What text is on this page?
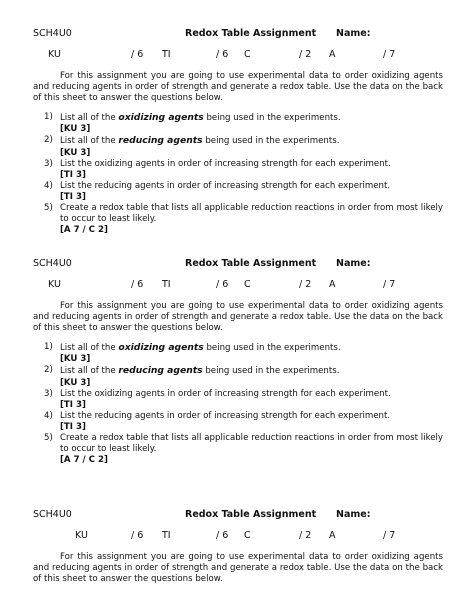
SCH4U0	Redox Table Assignment Name:
KU	/ 6 TI	/ 6 C	/ 2 A	/ 7
For this assignment you are going to use experimental data to order oxidizing agents and reducing agents in order of strength and generate a redox table. Use the data on the back of this sheet to answer the questions below.
1) List all of the oxidizing agents being used in the experiments.
[KU 3]
2) List all of the reducing agents being used in the experiments.
[KU 3]
3) List the oxidizing agents in order of increasing strength for each experiment.
[TI 3]
4) List the reducing agents in order of increasing strength for each experiment.
[TI 3]
5) Create a redox table that lists all applicable reduction reactions in order from most likely to occur to least likely.
[A 7 / C 2]
SCH4U0	Redox Table Assignment Name:
KU	/ 6 TI	/ 6 C	/ 2 A	/ 7
For this assignment you are going to use experimental data to order oxidizing agents and reducing agents in order of strength and generate a redox table. Use the data on the back of this sheet to answer the questions below.
1) List all of the oxidizing agents being used in the experiments.
[KU 3]
2) List all of the reducing agents being used in the experiments.
[KU 3]
3) List the oxidizing agents in order of increasing strength for each experiment.
[TI 3]
4) List the reducing agents in order of increasing strength for each experiment.
[TI 3]
5) Create a redox table that lists all applicable reduction reactions in order from most likely to occur to least likely.
[A 7 / C 2]
SCH4U0	Redox Table Assignment Name:
KU	/ 6 TI	/ 6 C	/ 2 A	/ 7
For this assignment you are going to use experimental data to order oxidizing agents and reducing agents in order of strength and generate a redox table. Use the data on the back of this sheet to answer the questions below.
